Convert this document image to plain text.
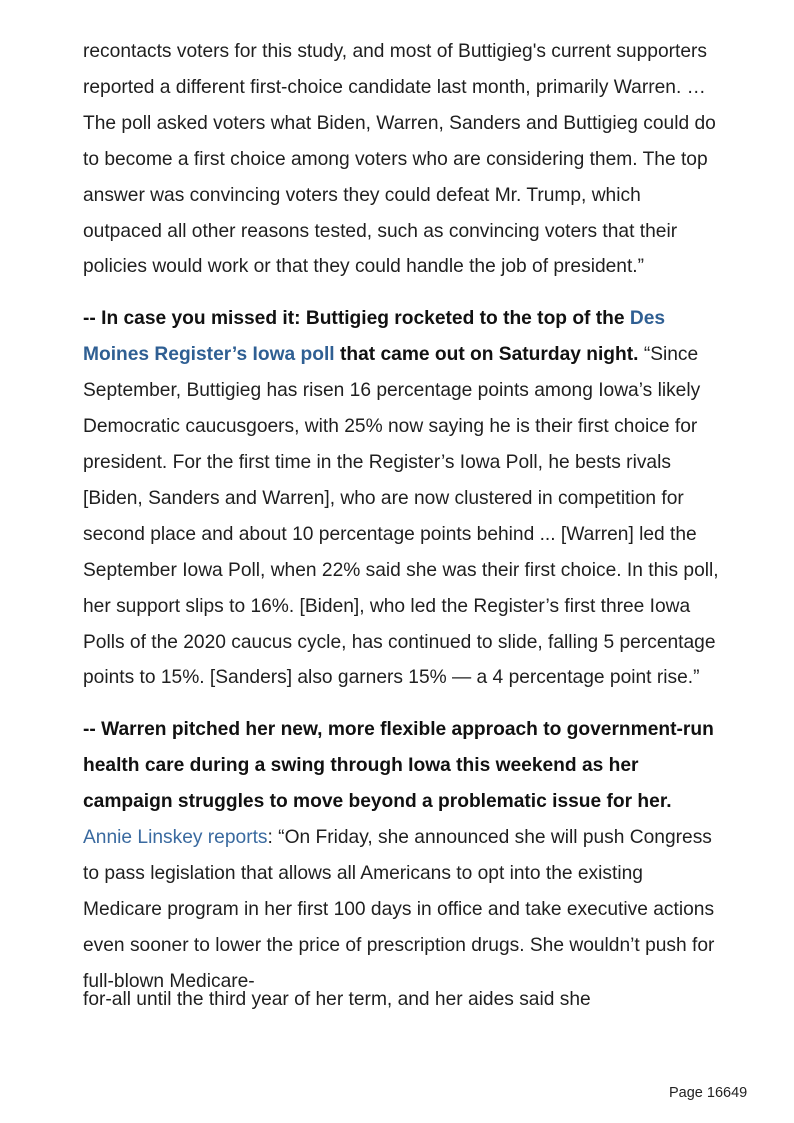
recontacts voters for this study, and most of Buttigieg's current supporters reported a different first-choice candidate last month, primarily Warren. … The poll asked voters what Biden, Warren, Sanders and Buttigieg could do to become a first choice among voters who are considering them. The top answer was convincing voters they could defeat Mr. Trump, which outpaced all other reasons tested, such as convincing voters that their policies would work or that they could handle the job of president.”

-- In case you missed it: Buttigieg rocketed to the top of the Des Moines Register’s Iowa poll that came out on Saturday night. “Since September, Buttigieg has risen 16 percentage points among Iowa’s likely Democratic caucusgoers, with 25% now saying he is their first choice for president. For the first time in the Register’s Iowa Poll, he bests rivals [Biden, Sanders and Warren], who are now clustered in competition for second place and about 10 percentage points behind ... [Warren] led the September Iowa Poll, when 22% said she was their first choice. In this poll, her support slips to 16%. [Biden], who led the Register’s first three Iowa Polls of the 2020 caucus cycle, has continued to slide, falling 5 percentage points to 15%. [Sanders] also garners 15% — a 4 percentage point rise.”

-- Warren pitched her new, more flexible approach to government-run health care during a swing through Iowa this weekend as her campaign struggles to move beyond a problematic issue for her. Annie Linskey reports: “On Friday, she announced she will push Congress to pass legislation that allows all Americans to opt into the existing Medicare program in her first 100 days in office and take executive actions even sooner to lower the price of prescription drugs. She wouldn’t push for full-blown Medicare-

for-all until the third year of her term, and her aides said she
Page 16649
